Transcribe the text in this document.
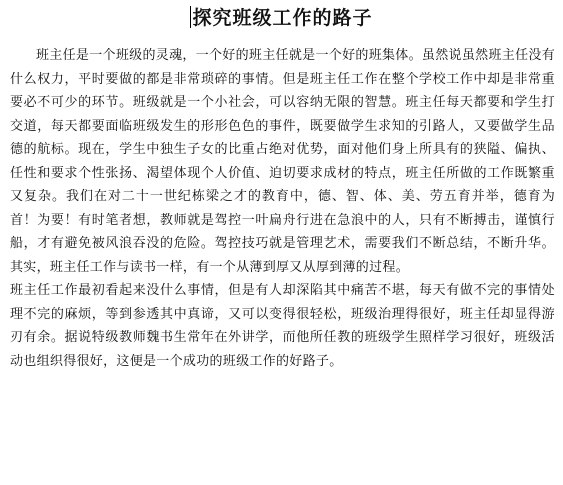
探究班级工作的路子

班主任是一个班级的灵魂，一个好的班主任就是一个好的班集体。虽然说虽然班主任没有什么权力，平时要做的都是非常琐碎的事情。但是班主任工作在整个学校工作中却是非常重要必不可少的环节。班级就是一个小社会，可以容纳无限的智慧。班主任每天都要和学生打交道，每天都要面临班级发生的形形色色的事件，既要做学生求知的引路人，又要做学生品德的航标。现在，学生中独生子女的比重占绝对优势，面对他们身上所具有的狭隘、偏执、任性和要求个性张扬、渴望体现个人价值、迫切要求成材的特点，班主任所做的工作既繁重又复杂。我们在对二十一世纪栋梁之才的教育中，德、智、体、美、劳五育并举，德育为首！为要！有时笔者想，教师就是驾控一叶扁舟行进在急浪中的人，只有不断搏击，谨慎行船，才有避免被风浪吞没的危险。驾控技巧就是管理艺术，需要我们不断总结，不断升华。其实，班主任工作与读书一样，有一个从薄到厚又从厚到薄的过程。

班主任工作最初看起来没什么事情，但是有人却深陷其中痛苦不堪，每天有做不完的事情处理不完的麻烦，等到参透其中真谛，又可以变得很轻松，班级治理得很好，班主任却显得游刃有余。据说特级教师魏书生常年在外讲学，而他所任教的班级学生照样学习很好，班级活动也组织得很好，这便是一个成功的班级工作的好路子。
